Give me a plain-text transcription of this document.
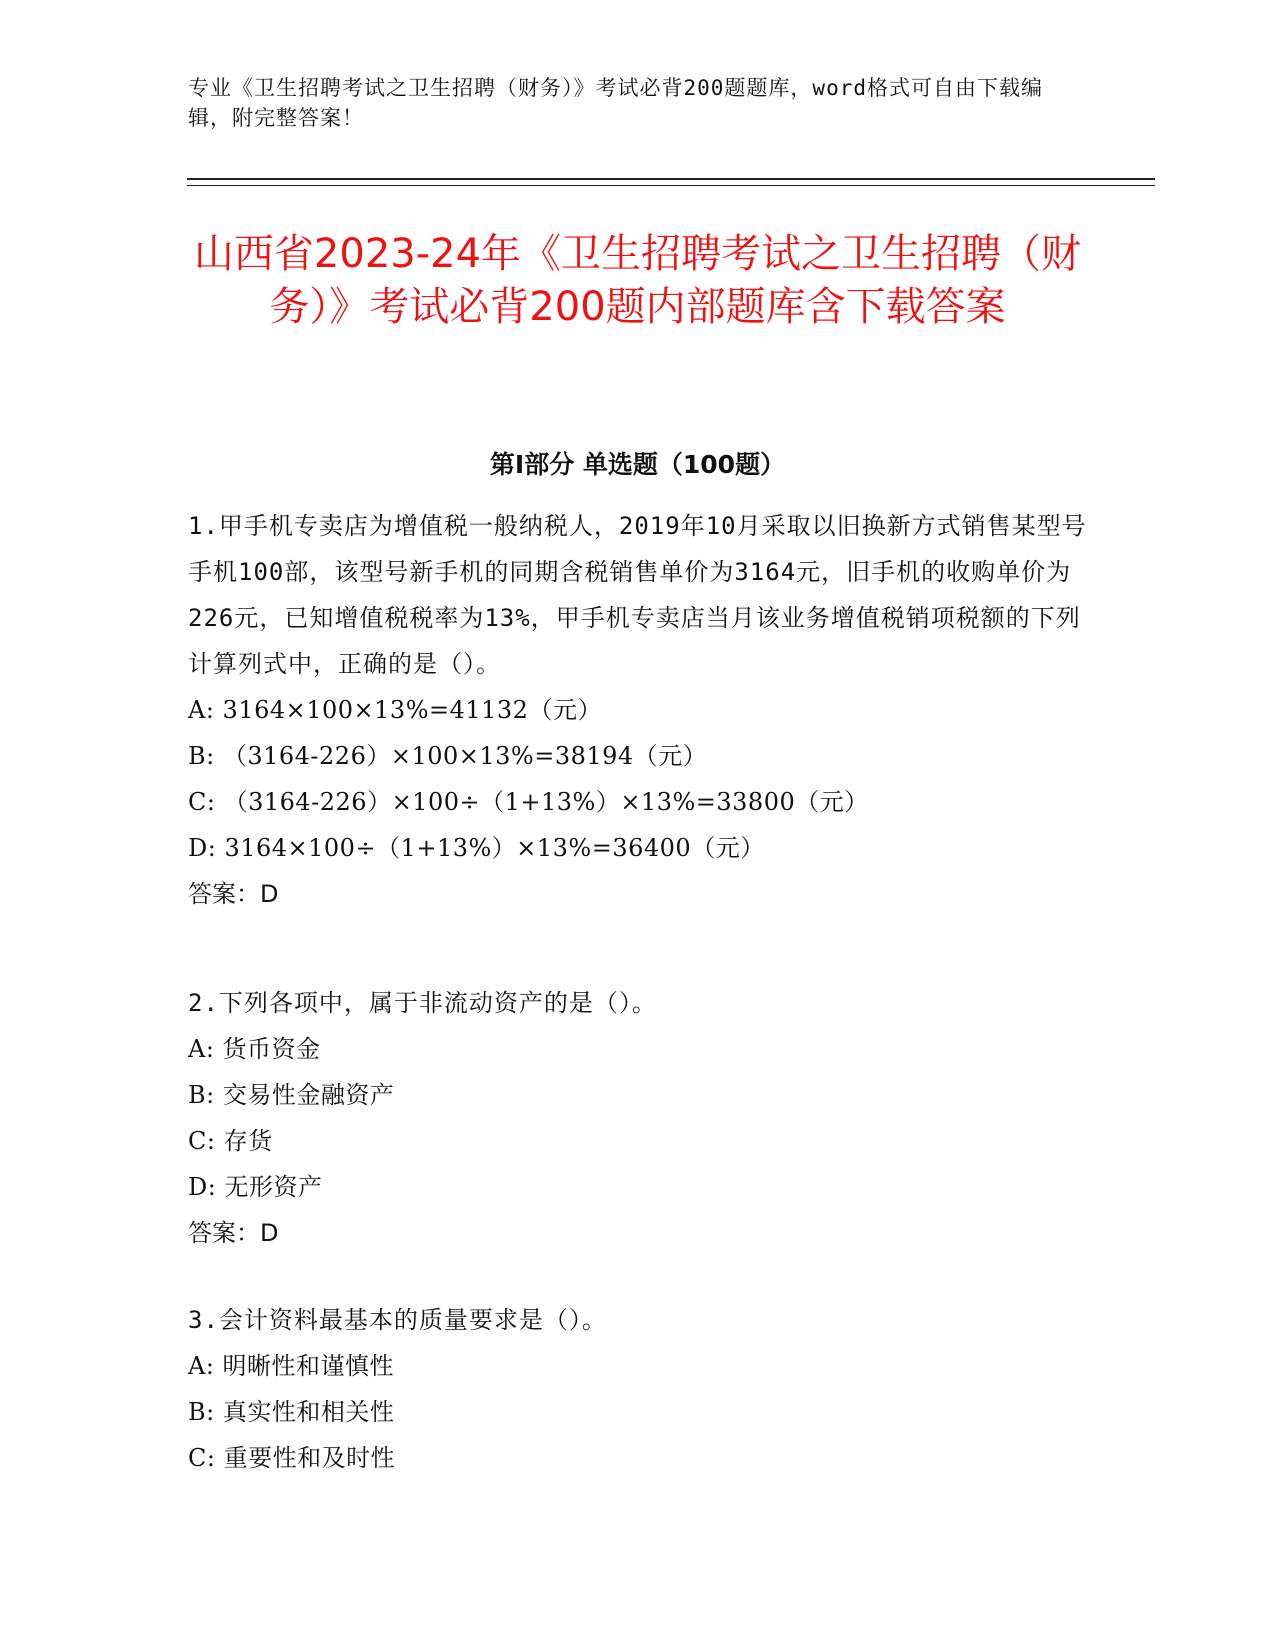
专业《卫生招聘考试之卫生招聘（财务）》考试必背200题题库，word格式可自由下载编辑，附完整答案！
山西省2023-24年《卫生招聘考试之卫生招聘（财务）》考试必背200题内部题库含下载答案
第Ⅰ部分 单选题（100题）

1.甲手机专卖店为增值税一般纳税人，2019年10月采取以旧换新方式销售某型号手机100部，该型号新手机的同期含税销售单价为3164元，旧手机的收购单价为226元，已知增值税税率为13%，甲手机专卖店当月该业务增值税销项税额的下列计算列式中，正确的是（）。

A: 3164×100×13%=41132（元）

B: （3164-226）×100×13%=38194（元）

C: （3164-226）×100÷（1+13%）×13%=33800（元）

D: 3164×100÷（1+13%）×13%=36400（元）

答案：D

2.下列各项中，属于非流动资产的是（）。

A: 货币资金

B: 交易性金融资产

C: 存货

D: 无形资产

答案：D

3.会计资料最基本的质量要求是（）。

A: 明晰性和谨慎性

B: 真实性和相关性

C: 重要性和及时性
